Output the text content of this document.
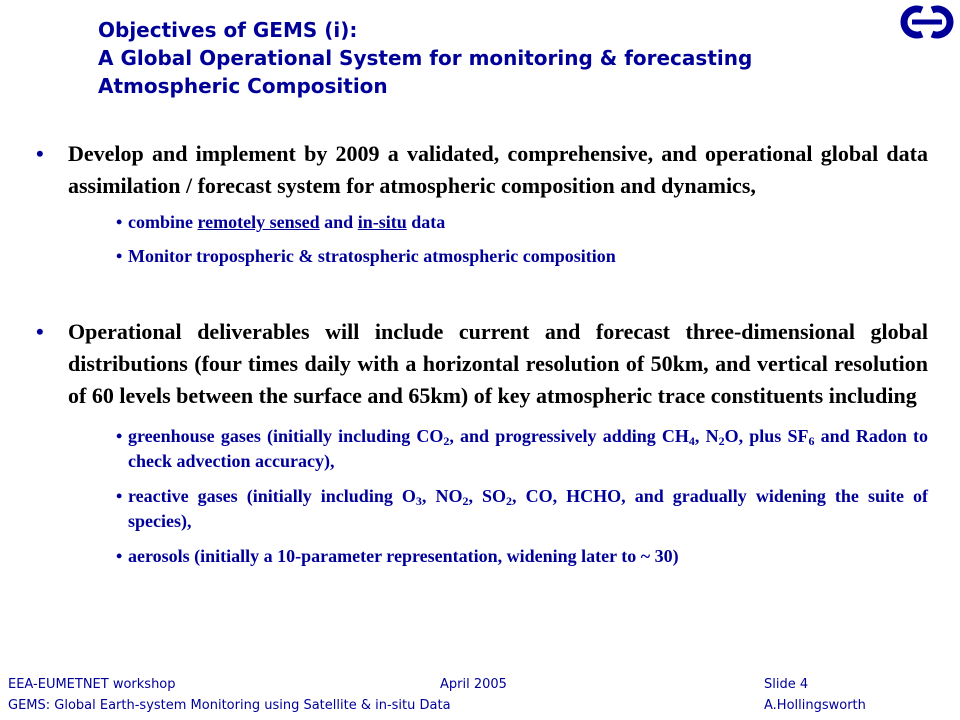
Objectives of GEMS (i):
A Global Operational System for monitoring & forecasting
Atmospheric Composition
• Develop and implement by 2009 a validated, comprehensive, and operational global data assimilation / forecast system for atmospheric composition and dynamics,
• combine remotely sensed and in-situ data
• Monitor tropospheric & stratospheric atmospheric composition
• Operational deliverables will include current and forecast three-dimensional global distributions (four times daily with a horizontal resolution of 50km, and vertical resolution of 60 levels between the surface and 65km) of key atmospheric trace constituents including
• greenhouse gases (initially including $CO_2$, and progressively adding $CH_4$, $N_2O$, plus $SF_6$ and Radon to check advection accuracy),
• reactive gases (initially including $O_3$, $NO_2$, $SO_2$, CO, HCHO, and gradually widening the suite of species),
• aerosols (initially a 10-parameter representation, widening later to ~ 30)
EEA-EUMETNET workshop	April 2005	Slide 4
GEMS: Global Earth-system Monitoring using Satellite & in-situ Data	A.Hollingsworth
